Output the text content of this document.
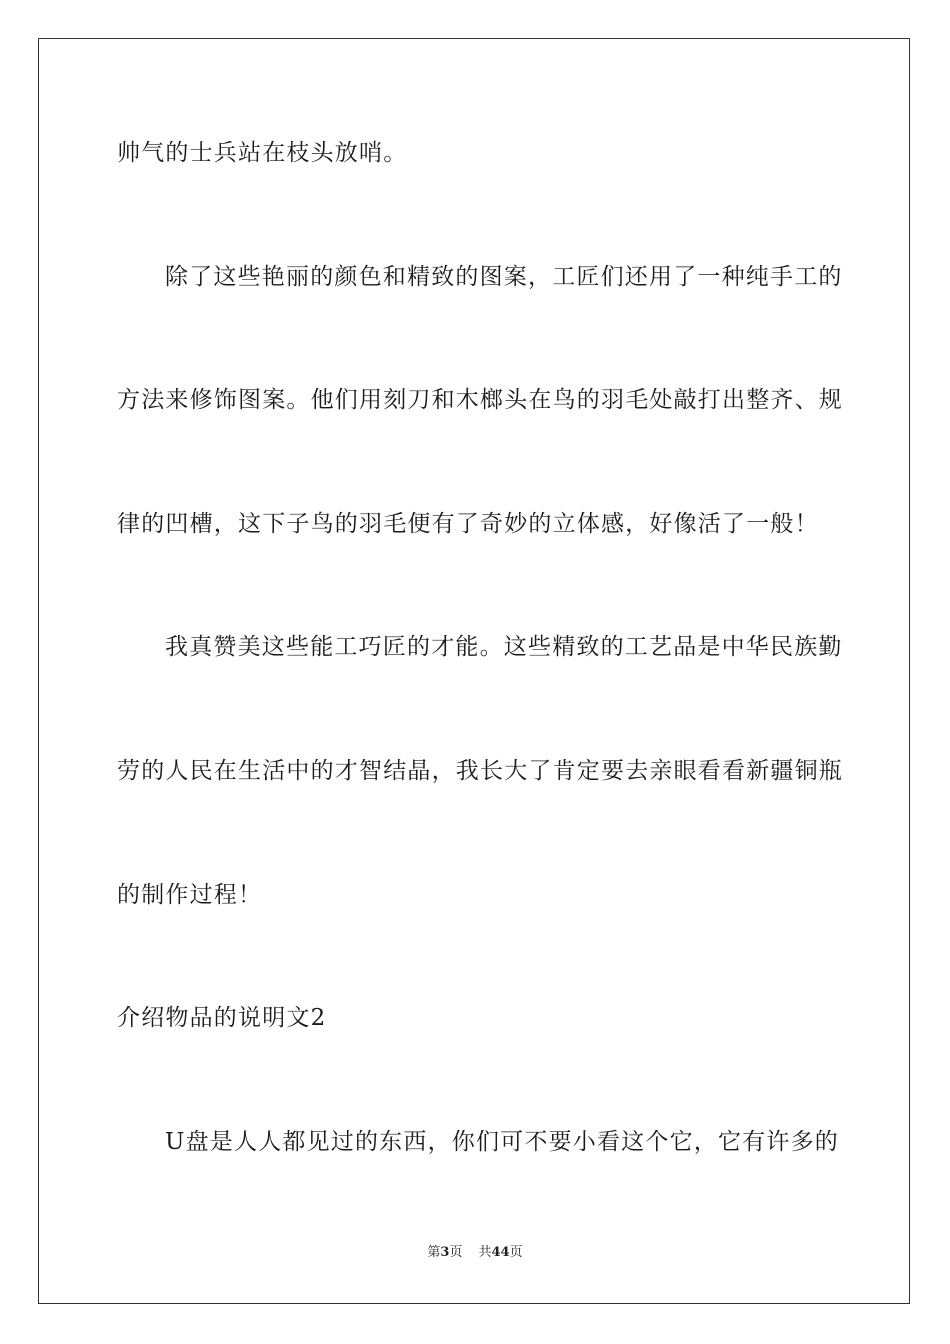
帅气的士兵站在枝头放哨。
除了这些艳丽的颜色和精致的图案，工匠们还用了一种纯手工的
方法来修饰图案。他们用刻刀和木榔头在鸟的羽毛处敲打出整齐、规
律的凹槽，这下子鸟的羽毛便有了奇妙的立体感，好像活了一般！
我真赞美这些能工巧匠的才能。这些精致的工艺品是中华民族勤
劳的人民在生活中的才智结晶，我长大了肯定要去亲眼看看新疆铜瓶
的制作过程！
介绍物品的说明文2
U盘是人人都见过的东西，你们可不要小看这个它，它有许多的
第3页 共44页
